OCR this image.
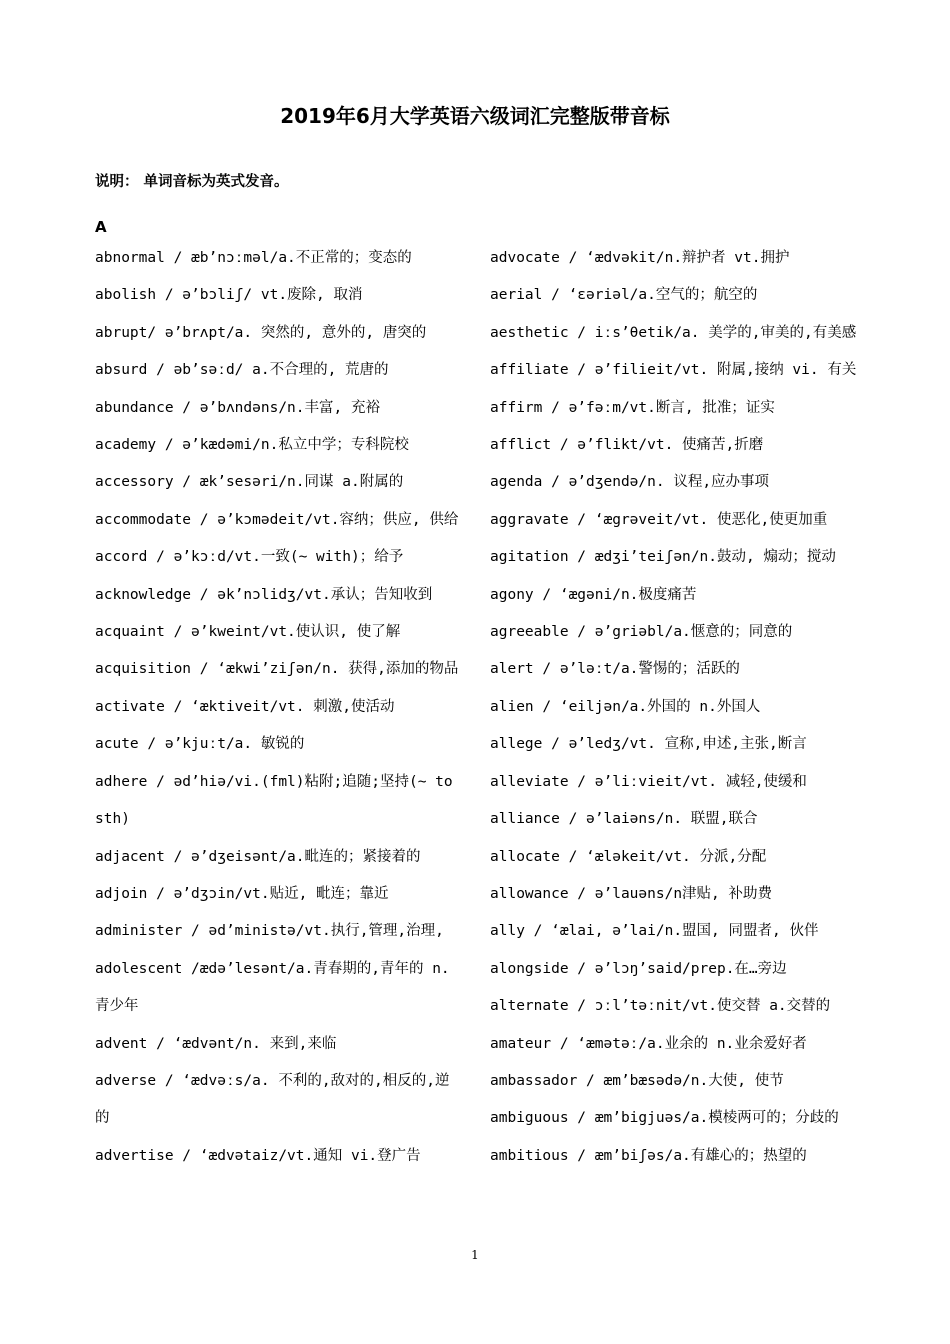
2019年6月大学英语六级词汇完整版带音标
说明： 单词音标为英式发音。
A

abnormal / æb’nɔːməl/a.不正常的；变态的

abolish / ə’bɔliʃ/ vt.废除, 取消

abrupt/ ə’brʌpt/a. 突然的, 意外的, 唐突的

absurd / əb’səːd/ a.不合理的, 荒唐的

abundance / ə’bʌndəns/n.丰富, 充裕

academy / ə’kædəmi/n.私立中学；专科院校

accessory / æk’sesəri/n.同谋 a.附属的

accommodate / ə’kɔmədeit/vt.容纳；供应, 供给

accord / ə’kɔːd/vt.一致(~ with)；给予

acknowledge / ək’nɔlidʒ/vt.承认；告知收到

acquaint / ə’kweint/vt.使认识, 使了解

acquisition / ‘ækwi’ziʃən/n. 获得,添加的物品

activate / ‘æktiveit/vt. 刺激,使活动

acute / ə’kjuːt/a. 敏锐的

adhere / əd’hiə/vi.(fml)粘附;追随;坚持(~ to sth)

adjacent / ə’dʒeisənt/a.毗连的；紧接着的

adjoin / ə’dʒɔin/vt.贴近, 毗连；靠近

administer / əd’ministə/vt.执行,管理,治理,

adolescent /ædə’lesənt/a.青春期的,青年的 n.青少年

advent / ‘ædvənt/n. 来到,来临

adverse / ‘ædvəːs/a. 不利的,敌对的,相反的,逆的

advertise / ‘ædvətaiz/vt.通知 vi.登广告

advocate / ‘ædvəkit/n.辩护者 vt.拥护

aerial / ‘ɛəriəl/a.空气的；航空的

aesthetic / iːs’θetik/a. 美学的,审美的,有美感

affiliate / ə’filieit/vt. 附属,接纳 vi. 有关

affirm / ə’fəːm/vt.断言, 批准；证实

afflict / ə’flikt/vt. 使痛苦,折磨

agenda / ə’dʒendə/n. 议程,应办事项

aggravate / ‘ægrəveit/vt. 使恶化,使更加重

agitation / ædʒi’teiʃən/n.鼓动, 煽动；搅动

agony / ‘ægəni/n.极度痛苦

agreeable / ə’griəbl/a.惬意的；同意的

alert / ə’ləːt/a.警惕的；活跃的

alien / ‘eiljən/a.外国的 n.外国人

allege / ə’ledʒ/vt. 宣称,申述,主张,断言

alleviate / ə’liːvieit/vt. 减轻,使缓和

alliance / ə’laiəns/n. 联盟,联合

allocate / ‘æləkeit/vt. 分派,分配

allowance / ə’lauəns/n津贴, 补助费

ally / ‘ælai, ə’lai/n.盟国, 同盟者, 伙伴

alongside / ə’lɔŋ’said/prep.在…旁边

alternate / ɔːl’təːnit/vt.使交替 a.交替的

amateur / ‘æmətəː/a.业余的 n.业余爱好者

ambassador / æm’bæsədə/n.大使, 使节

ambiguous / æm’bigjuəs/a.模棱两可的；分歧的

ambitious / æm’biʃəs/a.有雄心的；热望的

1
